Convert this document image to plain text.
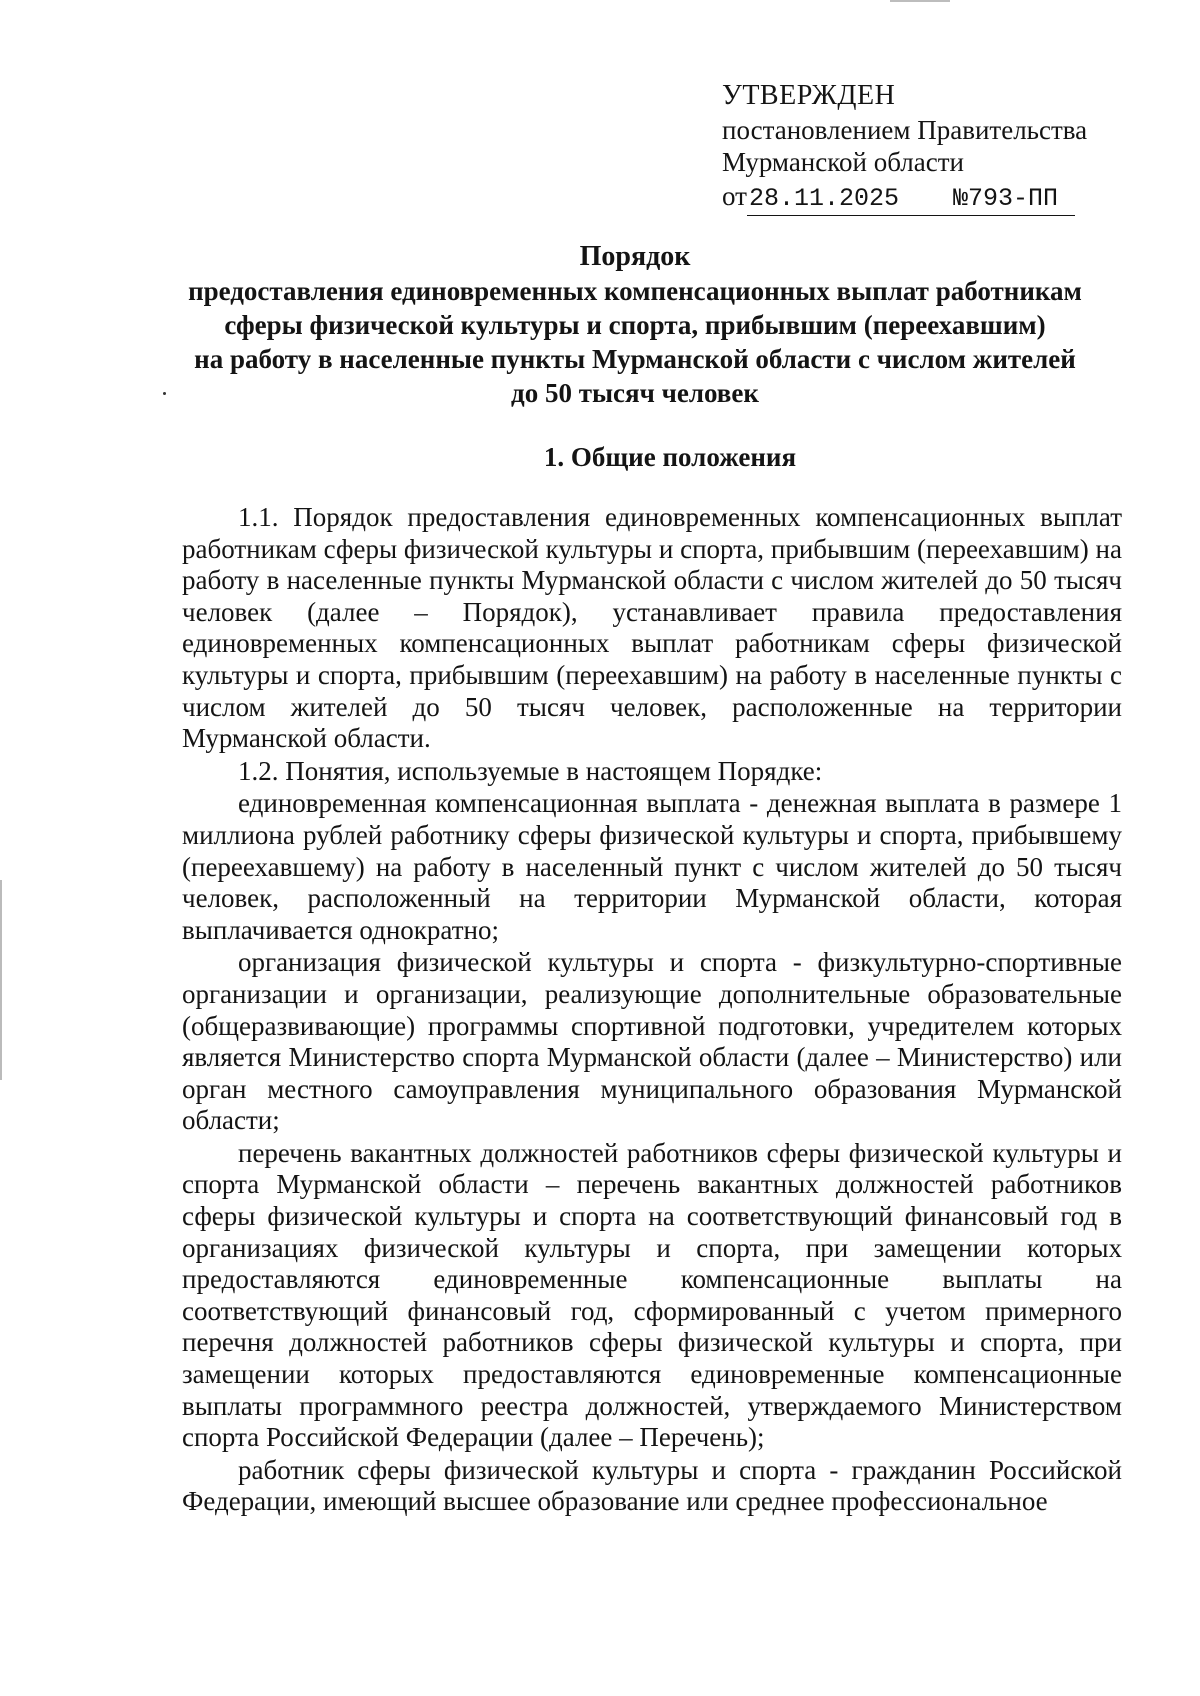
УТВЕРЖДЕН
постановлением Правительства
Мурманской области
от28.11.2025 №793-ПП
Порядок
предоставления единовременных компенсационных выплат работникам
сферы физической культуры и спорта, прибывшим (переехавшим)
на работу в населенные пункты Мурманской области с числом жителей
до 50 тысяч человек
1. Общие положения

1.1. Порядок предоставления единовременных компенсационных выплат работникам сферы физической культуры и спорта, прибывшим (переехавшим) на работу в населенные пункты Мурманской области с числом жителей до 50 тысяч человек (далее – Порядок), устанавливает правила предоставления единовременных компенсационных выплат работникам сферы физической культуры и спорта, прибывшим (переехавшим) на работу в населенные пункты с числом жителей до 50 тысяч человек, расположенные на территории Мурманской области.

1.2. Понятия, используемые в настоящем Порядке:

единовременная компенсационная выплата - денежная выплата в размере 1 миллиона рублей работнику сферы физической культуры и спорта, прибывшему (переехавшему) на работу в населенный пункт с числом жителей до 50 тысяч человек, расположенный на территории Мурманской области, которая выплачивается однократно;

организация физической культуры и спорта - физкультурно-спортивные организации и организации, реализующие дополнительные образовательные (общеразвивающие) программы спортивной подготовки, учредителем которых является Министерство спорта Мурманской области (далее – Министерство) или орган местного самоуправления муниципального образования Мурманской области;

перечень вакантных должностей работников сферы физической культуры и спорта Мурманской области – перечень вакантных должностей работников сферы физической культуры и спорта на соответствующий финансовый год в организациях физической культуры и спорта, при замещении которых предоставляются единовременные компенсационные выплаты на соответствующий финансовый год, сформированный с учетом примерного перечня должностей работников сферы физической культуры и спорта, при замещении которых предоставляются единовременные компенсационные выплаты программного реестра должностей, утверждаемого Министерством спорта Российской Федерации (далее – Перечень);

работник сферы физической культуры и спорта - гражданин Российской Федерации, имеющий высшее образование или среднее профессиональное
